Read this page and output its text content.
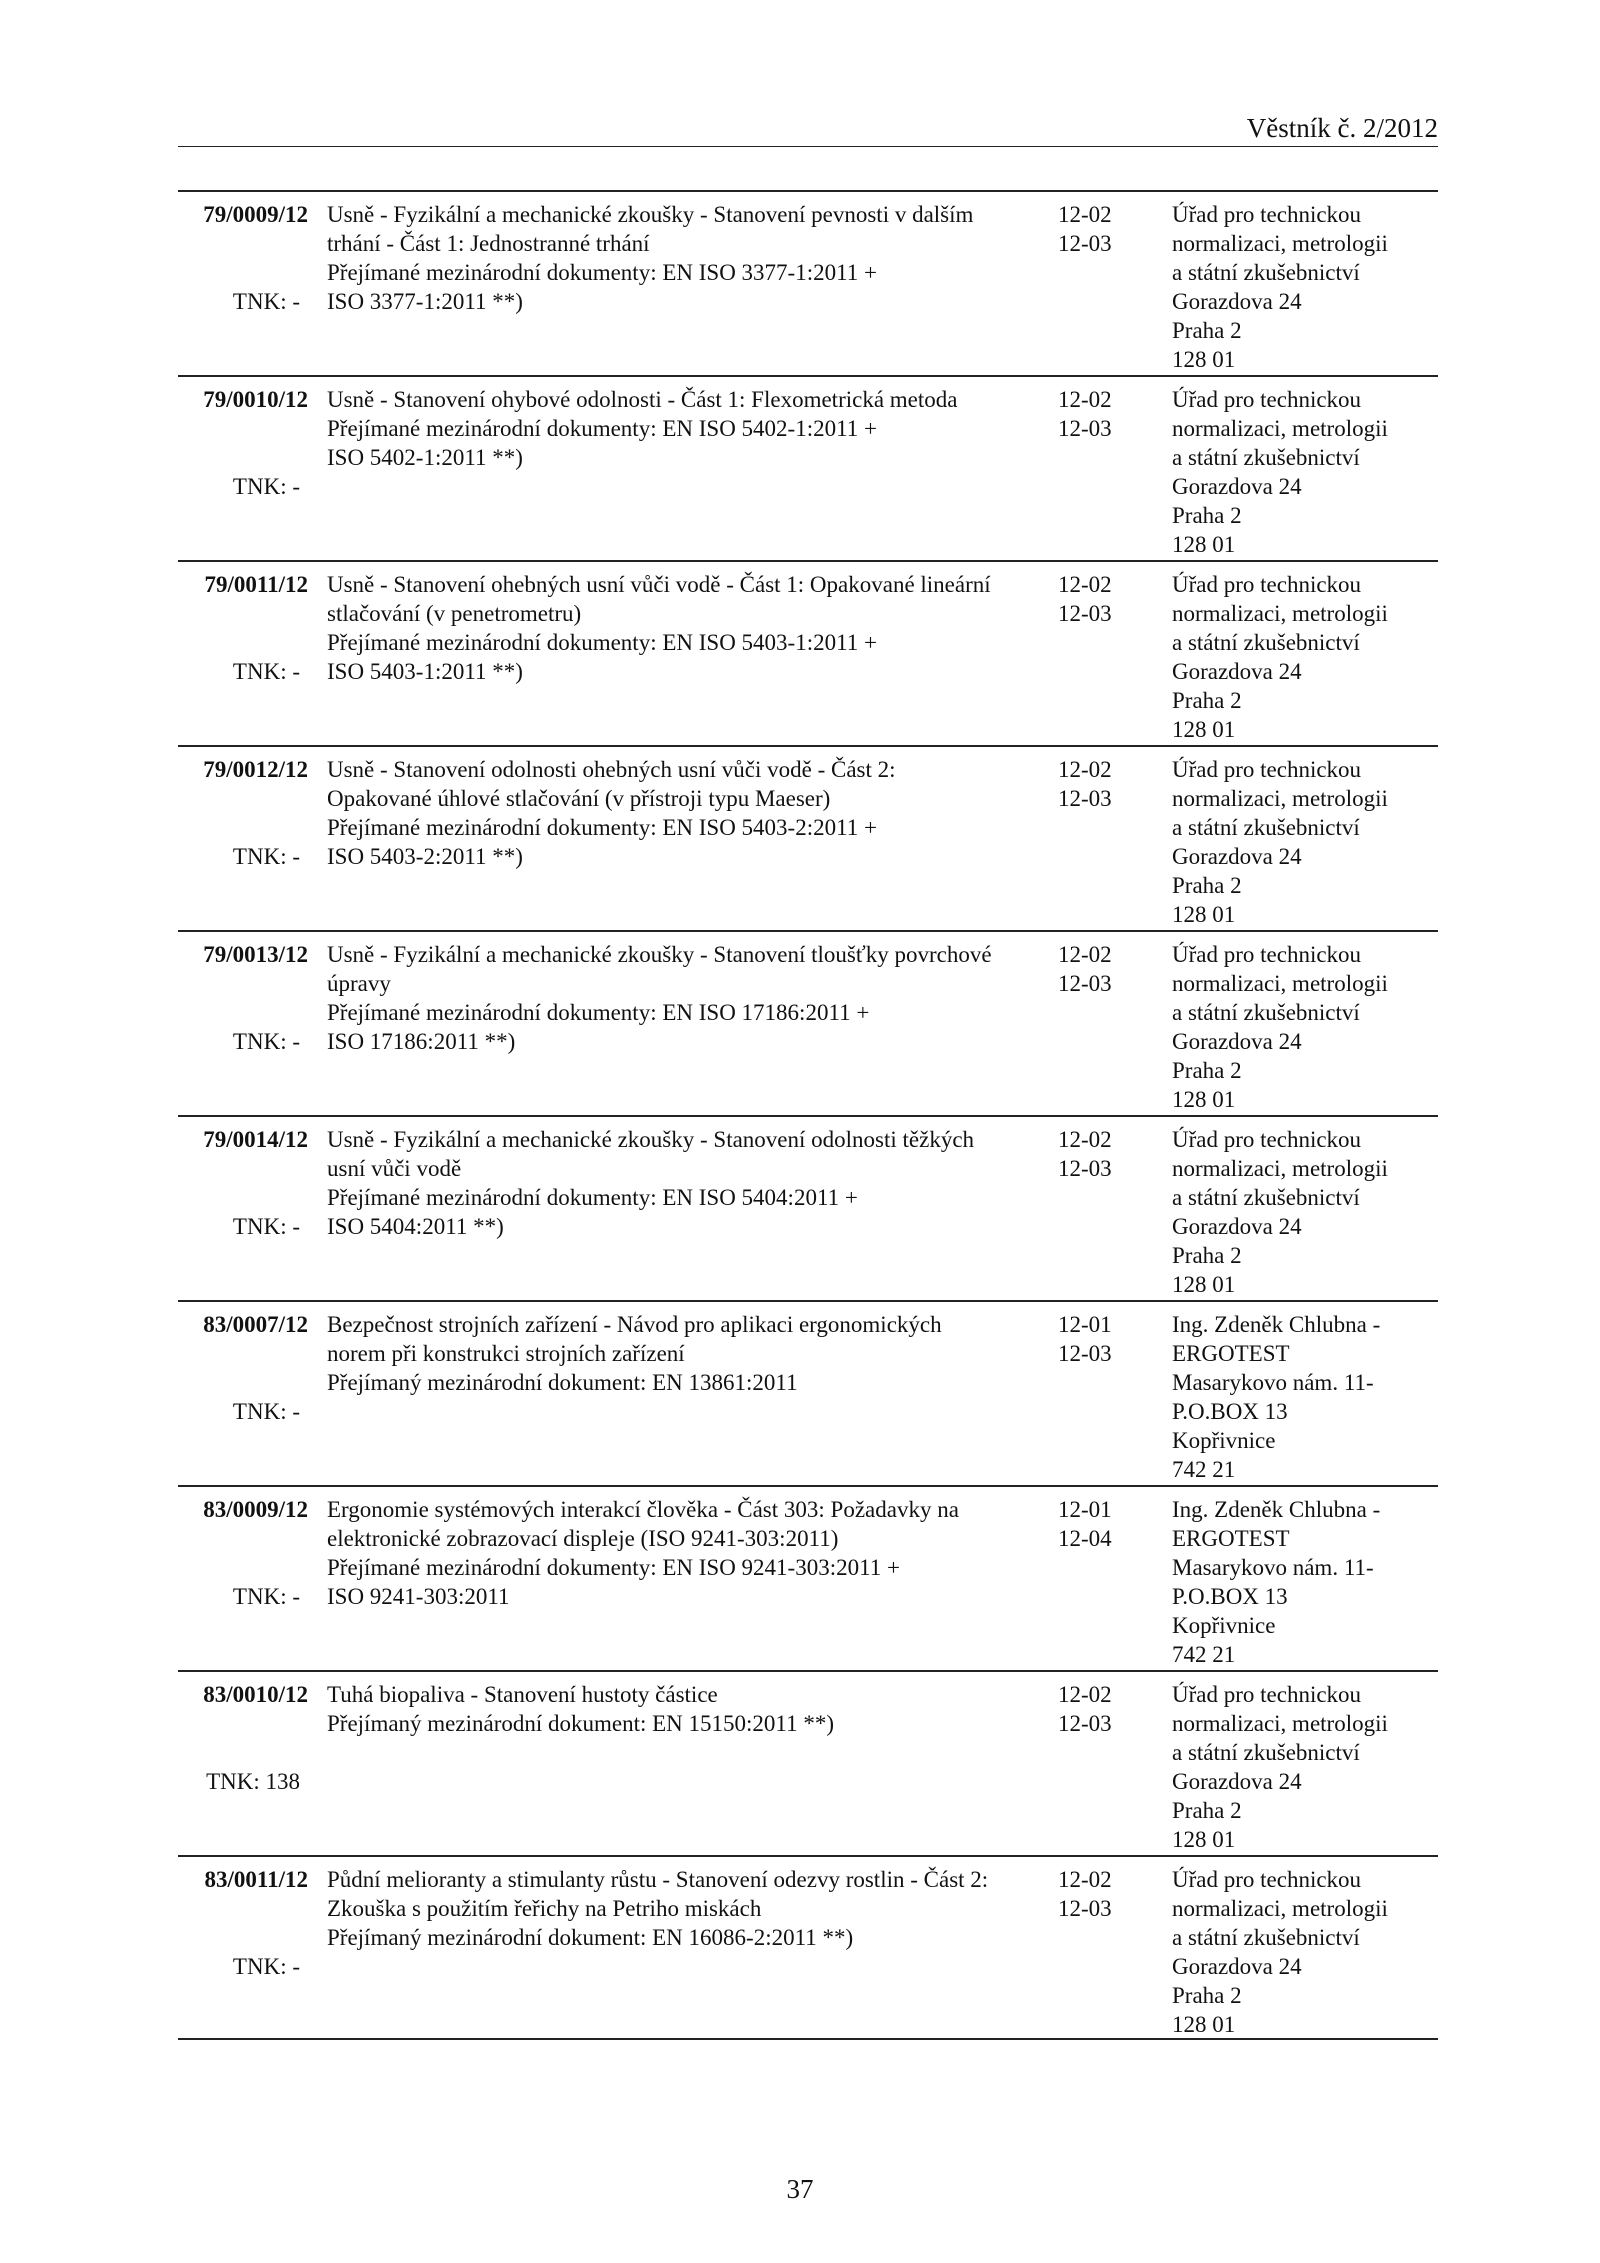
Věstník č. 2/2012
79/0009/12
TNK: -
Usně - Fyzikální a mechanické zkoušky - Stanovení pevnosti v dalším
trhání - Část 1: Jednostranné trhání
Přejímané mezinárodní dokumenty: EN ISO 3377-1:2011 +
ISO 3377-1:2011 **)
12-02
12-03
Úřad pro technickou
normalizaci, metrologii
a státní zkušebnictví
Gorazdova 24
Praha 2
128 01
79/0010/12
TNK: -
Usně - Stanovení ohybové odolnosti - Část 1: Flexometrická metoda
Přejímané mezinárodní dokumenty: EN ISO 5402-1:2011 +
ISO 5402-1:2011 **)
12-02
12-03
Úřad pro technickou
normalizaci, metrologii
a státní zkušebnictví
Gorazdova 24
Praha 2
128 01
79/0011/12
TNK: -
Usně - Stanovení ohebných usní vůči vodě - Část 1: Opakované lineární
stlačování (v penetrometru)
Přejímané mezinárodní dokumenty: EN ISO 5403-1:2011 +
ISO 5403-1:2011 **)
12-02
12-03
Úřad pro technickou
normalizaci, metrologii
a státní zkušebnictví
Gorazdova 24
Praha 2
128 01
79/0012/12
TNK: -
Usně - Stanovení odolnosti ohebných usní vůči vodě - Část 2:
Opakované úhlové stlačování (v přístroji typu Maeser)
Přejímané mezinárodní dokumenty: EN ISO 5403-2:2011 +
ISO 5403-2:2011 **)
12-02
12-03
Úřad pro technickou
normalizaci, metrologii
a státní zkušebnictví
Gorazdova 24
Praha 2
128 01
79/0013/12
TNK: -
Usně - Fyzikální a mechanické zkoušky - Stanovení tloušťky povrchové
úpravy
Přejímané mezinárodní dokumenty: EN ISO 17186:2011 +
ISO 17186:2011 **)
12-02
12-03
Úřad pro technickou
normalizaci, metrologii
a státní zkušebnictví
Gorazdova 24
Praha 2
128 01
79/0014/12
TNK: -
Usně - Fyzikální a mechanické zkoušky - Stanovení odolnosti těžkých
usní vůči vodě
Přejímané mezinárodní dokumenty: EN ISO 5404:2011 +
ISO 5404:2011 **)
12-02
12-03
Úřad pro technickou
normalizaci, metrologii
a státní zkušebnictví
Gorazdova 24
Praha 2
128 01
83/0007/12
TNK: -
Bezpečnost strojních zařízení - Návod pro aplikaci ergonomických
norem při konstrukci strojních zařízení
Přejímaný mezinárodní dokument: EN 13861:2011
12-01
12-03
Ing. Zdeněk Chlubna -
ERGOTEST
Masarykovo nám. 11-
P.O.BOX 13
Kopřivnice
742 21
83/0009/12
TNK: -
Ergonomie systémových interakcí člověka - Část 303: Požadavky na
elektronické zobrazovací displeje (ISO 9241-303:2011)
Přejímané mezinárodní dokumenty: EN ISO 9241-303:2011 +
ISO 9241-303:2011
12-01
12-04
Ing. Zdeněk Chlubna -
ERGOTEST
Masarykovo nám. 11-
P.O.BOX 13
Kopřivnice
742 21
83/0010/12
TNK: 138
Tuhá biopaliva - Stanovení hustoty částice
Přejímaný mezinárodní dokument: EN 15150:2011 **)
12-02
12-03
Úřad pro technickou
normalizaci, metrologii
a státní zkušebnictví
Gorazdova 24
Praha 2
128 01
83/0011/12
TNK: -
Půdní melioranty a stimulanty růstu - Stanovení odezvy rostlin - Část 2:
Zkouška s použitím řeřichy na Petriho miskách
Přejímaný mezinárodní dokument: EN 16086-2:2011 **)
12-02
12-03
Úřad pro technickou
normalizaci, metrologii
a státní zkušebnictví
Gorazdova 24
Praha 2
128 01
37
